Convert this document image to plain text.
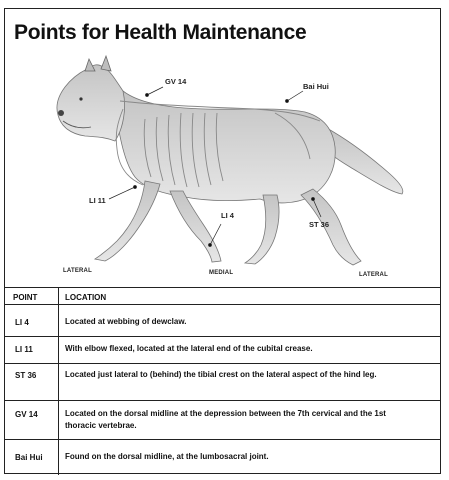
Points for Health Maintenance
GV 14
Bai Hui
LI 11
LI 4
ST 36
LATERAL	MEDIAL	LATERAL
POINT	LOCATION
LI 4	Located at webbing of dewclaw.
LI 11	With elbow flexed, located at the lateral end of the cubital crease.
ST 36	Located just lateral to (behind) the tibial crest on the lateral aspect of the hind leg.
GV 14	Located on the dorsal midline at the depression between the 7th cervical and the 1st thoracic vertebrae.
Bai Hui	Found on the dorsal midline, at the lumbosacral joint.
